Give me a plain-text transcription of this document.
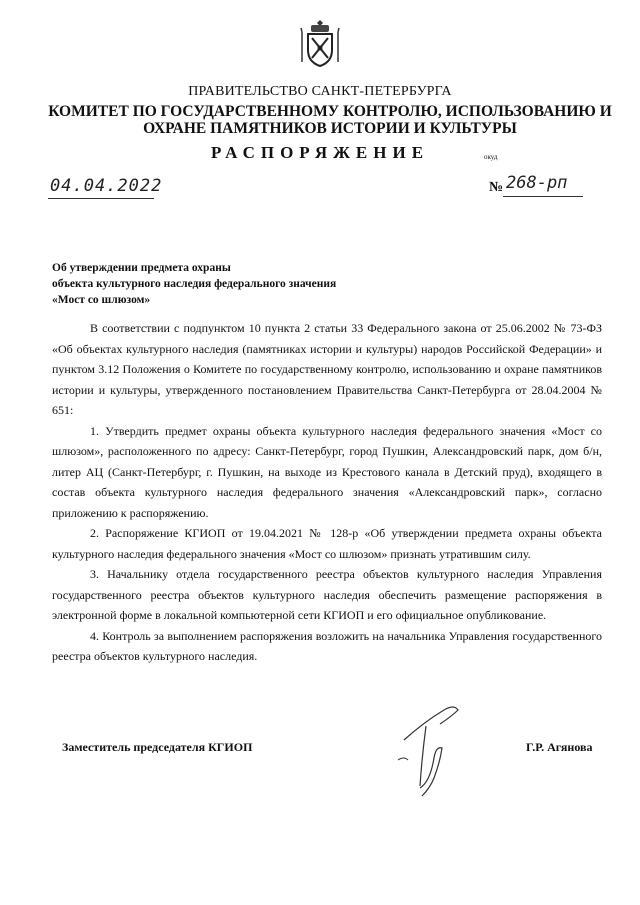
ПРАВИТЕЛЬСТВО САНКТ-ПЕТЕРБУРГА
КОМИТЕТ ПО ГОСУДАРСТВЕННОМУ КОНТРОЛЮ, ИСПОЛЬЗОВАНИЮ И ОХРАНЕ ПАМЯТНИКОВ ИСТОРИИ И КУЛЬТУРЫ
РАСПОРЯЖЕНИЕ	окуд
04.04.2022	№ 268-рп
Об утверждении предмета охраны
объекта культурного наследия федерального значения
«Мост со шлюзом»

В соответствии с подпунктом 10 пункта 2 статьи 33 Федерального закона от 25.06.2002 № 73-ФЗ «Об объектах культурного наследия (памятниках истории и культуры) народов Российской Федерации» и пунктом 3.12 Положения о Комитете по государственному контролю, использованию и охране памятников истории и культуры, утвержденного постановлением Правительства Санкт-Петербурга от 28.04.2004 № 651:

1. Утвердить предмет охраны объекта культурного наследия федерального значения «Мост со шлюзом», расположенного по адресу: Санкт-Петербург, город Пушкин, Александровский парк, дом б/н, литер АЦ (Санкт-Петербург, г. Пушкин, на выходе из Крестового канала в Детский пруд), входящего в состав объекта культурного наследия федерального значения «Александровский парк», согласно приложению к распоряжению.

2. Распоряжение КГИОП от 19.04.2021 № 128-р «Об утверждении предмета охраны объекта культурного наследия федерального значения «Мост со шлюзом» признать утратившим силу.

3. Начальнику отдела государственного реестра объектов культурного наследия Управления государственного реестра объектов культурного наследия обеспечить размещение распоряжения в электронной форме в локальной компьютерной сети КГИОП и его официальное опубликование.

4. Контроль за выполнением распоряжения возложить на начальника Управления государственного реестра объектов культурного наследия.

Заместитель председателя КГИОП	Г.Р. Агянова
